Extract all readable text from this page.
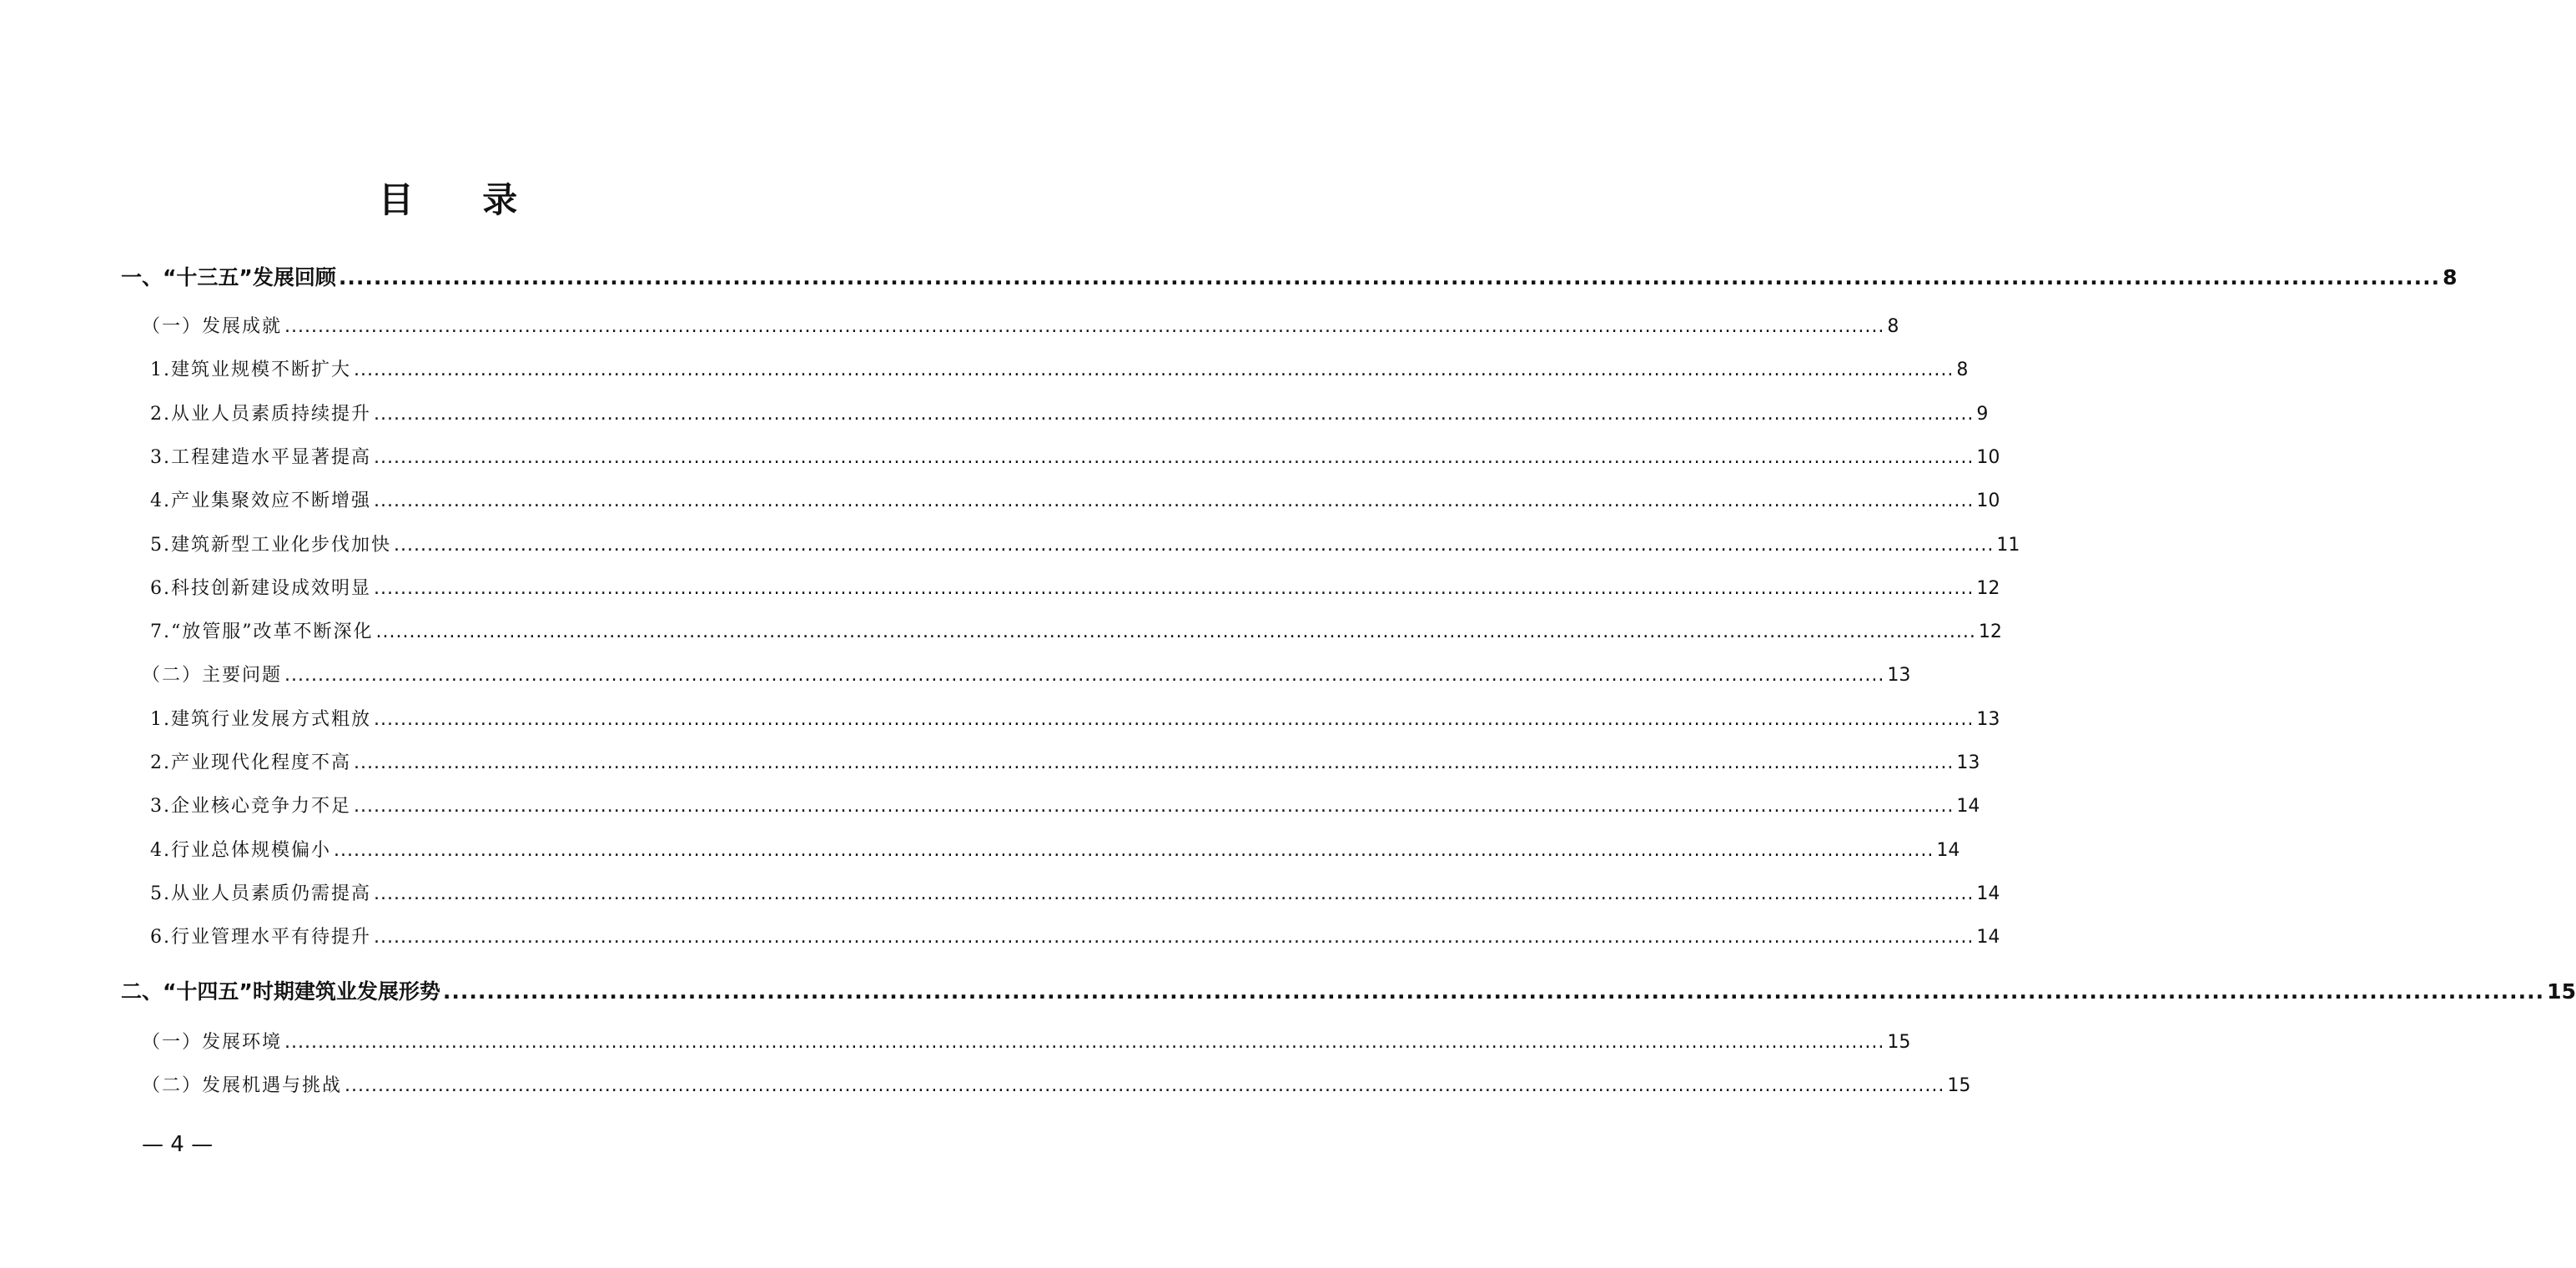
目 录
一、“十三五”发展回顾 ................................................................................................................................................................................................................................................ 8
（一）发展成就 ................................................................................................................................................................................................................................................ 8
1.建筑业规模不断扩大 ................................................................................................................................................................................................................................................ 8
2.从业人员素质持续提升 ................................................................................................................................................................................................................................................ 9
3.工程建造水平显著提高 ................................................................................................................................................................................................................................................ 10
4.产业集聚效应不断增强 ................................................................................................................................................................................................................................................ 10
5.建筑新型工业化步伐加快 ................................................................................................................................................................................................................................................ 11
6.科技创新建设成效明显 ................................................................................................................................................................................................................................................ 12
7.“放管服”改革不断深化 ................................................................................................................................................................................................................................................ 12
（二）主要问题 ................................................................................................................................................................................................................................................ 13
1.建筑行业发展方式粗放 ................................................................................................................................................................................................................................................ 13
2.产业现代化程度不高 ................................................................................................................................................................................................................................................ 13
3.企业核心竞争力不足 ................................................................................................................................................................................................................................................ 14
4.行业总体规模偏小 ................................................................................................................................................................................................................................................ 14
5.从业人员素质仍需提高 ................................................................................................................................................................................................................................................ 14
6.行业管理水平有待提升 ................................................................................................................................................................................................................................................ 14
二、“十四五”时期建筑业发展形势 ................................................................................................................................................................................................................................................ 15
（一）发展环境 ................................................................................................................................................................................................................................................ 15
（二）发展机遇与挑战 ................................................................................................................................................................................................................................................ 15
— 4 —
